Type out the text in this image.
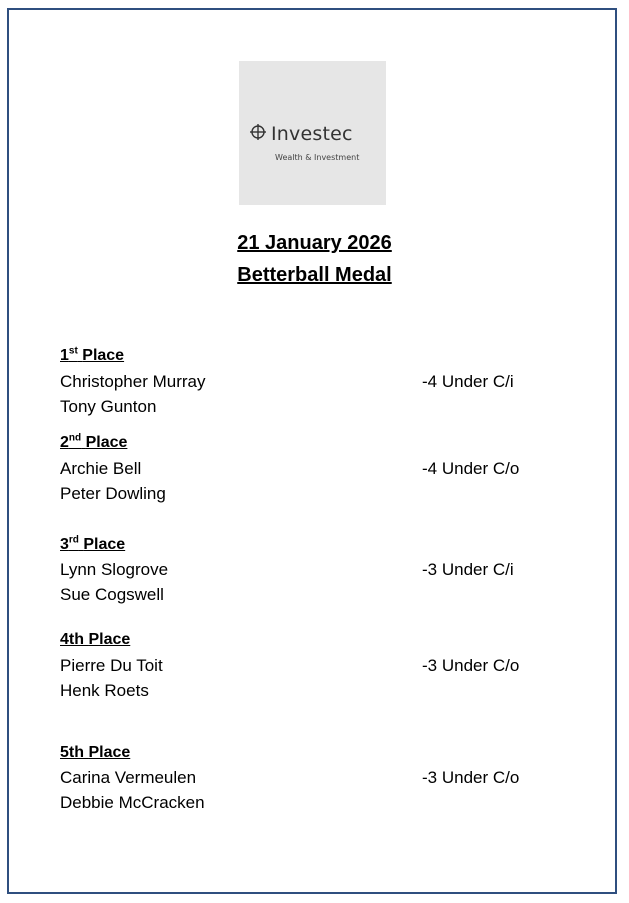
Investec
Wealth & Investment
21 January 2026
Betterball Medal
1st Place
Christopher Murray	-4 Under C/i
Tony Gunton
2nd Place
Archie Bell	-4 Under C/o
Peter Dowling
3rd Place
Lynn Slogrove	-3 Under C/i
Sue Cogswell
4th Place
Pierre Du Toit	-3 Under C/o
Henk Roets
5th Place
Carina Vermeulen	-3 Under C/o
Debbie McCracken
